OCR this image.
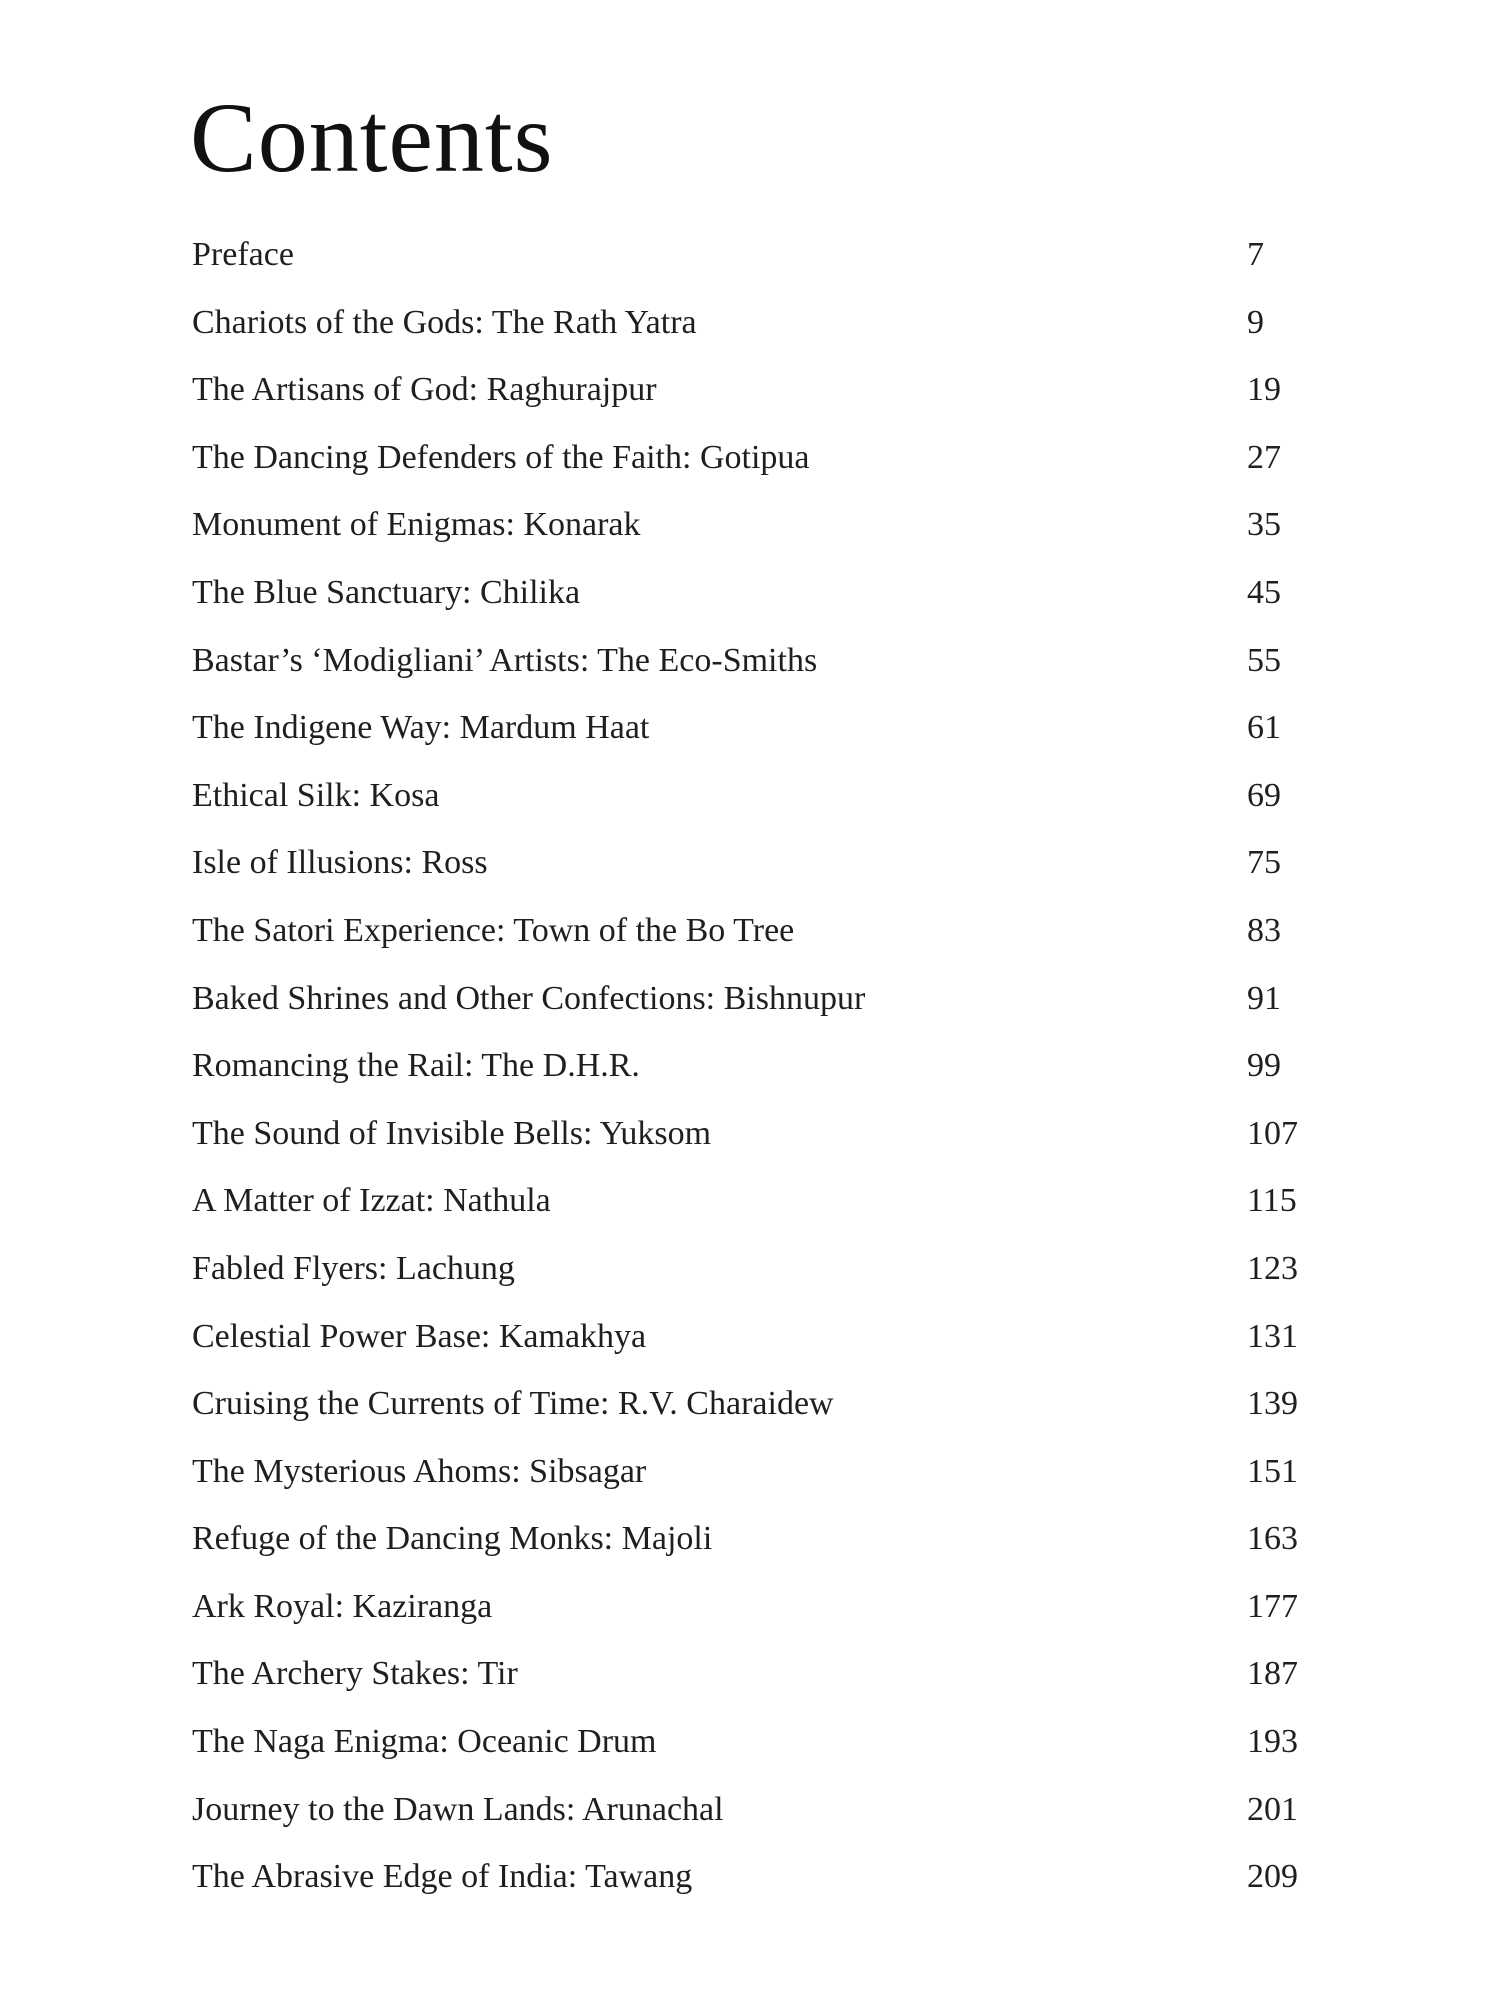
Contents
Preface	7
Chariots of the Gods: The Rath Yatra	9
The Artisans of God: Raghurajpur	19
The Dancing Defenders of the Faith: Gotipua	27
Monument of Enigmas: Konarak	35
The Blue Sanctuary: Chilika	45
Bastar’s ‘Modigliani’ Artists: The Eco-Smiths	55
The Indigene Way: Mardum Haat	61
Ethical Silk: Kosa	69
Isle of Illusions: Ross	75
The Satori Experience: Town of the Bo Tree	83
Baked Shrines and Other Confections: Bishnupur	91
Romancing the Rail: The D.H.R.	99
The Sound of Invisible Bells: Yuksom	107
A Matter of Izzat: Nathula	115
Fabled Flyers: Lachung	123
Celestial Power Base: Kamakhya	131
Cruising the Currents of Time: R.V. Charaidew	139
The Mysterious Ahoms: Sibsagar	151
Refuge of the Dancing Monks: Majoli	163
Ark Royal: Kaziranga	177
The Archery Stakes: Tir	187
The Naga Enigma: Oceanic Drum	193
Journey to the Dawn Lands: Arunachal	201
The Abrasive Edge of India: Tawang	209
